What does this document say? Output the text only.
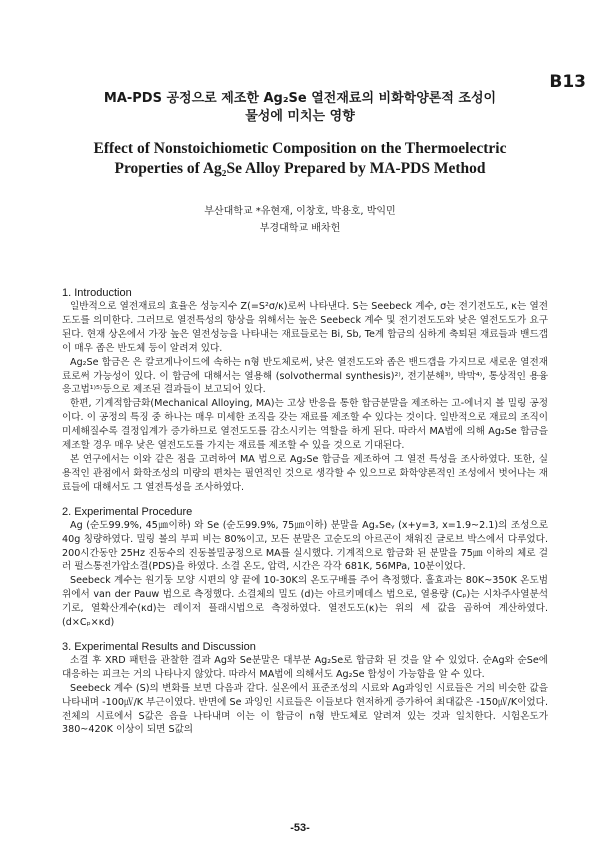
B13
MA-PDS 공정으로 제조한 Ag₂Se 열전재료의 비화학양론적 조성이
물성에 미치는 영향
Effect of Nonstoichiometic Composition on the Thermoelectric
Properties of Ag₂Se Alloy Prepared by MA-PDS Method
부산대학교 *유현재, 이창호, 박용호, 박익민
부경대학교 배차헌
1. Introduction

일반적으로 열전재료의 효율은 성능지수 Z(=S²σ/κ)로써 나타낸다. S는 Seebeck 계수, σ는 전기전도도, κ는 열전도도를 의미한다. 그러므로 열전특성의 향상을 위해서는 높은 Seebeck 계수 및 전기전도도와 낮은 열전도도가 요구된다. 현재 상온에서 가장 높은 열전성능을 나타내는 재료들로는 Bi, Sb, Te계 합금의 심하게 축퇴된 재료들과 밴드갭이 매우 좁은 반도체 등이 알려져 있다.

Ag₂Se 합금은 은 칼코게나이드에 속하는 n형 반도체로써, 낮은 열전도도와 좁은 밴드갭을 가지므로 새로운 열전재료로써 가능성이 있다. 이 합금에 대해서는 열용해 (solvothermal synthesis)²⁾, 전기분해³⁾, 박막⁴⁾, 통상적인 용융응고법¹⁾⁵⁾등으로 제조된 결과들이 보고되어 있다.

한편, 기계적합금화(Mechanical Alloying, MA)는 고상 반응을 통한 합금분말을 제조하는 고-에너지 볼 밀링 공정이다. 이 공정의 특징 중 하나는 매우 미세한 조직을 갖는 재료를 제조할 수 있다는 것이다. 일반적으로 재료의 조직이 미세해질수록 결정입계가 증가하므로 열전도도를 감소시키는 역할을 하게 된다. 따라서 MA법에 의해 Ag₂Se 합금을 제조할 경우 매우 낮은 열전도도를 가지는 재료를 제조할 수 있을 것으로 기대된다.

본 연구에서는 이와 같은 점을 고려하여 MA 법으로 Ag₂Se 합금을 제조하여 그 열전 특성을 조사하였다. 또한, 실용적인 관점에서 화학조성의 미량의 편차는 필연적인 것으로 생각할 수 있으므로 화학양론적인 조성에서 벗어나는 재료들에 대해서도 그 열전특성을 조사하였다.

2. Experimental Procedure

Ag (순도99.9%, 45㎛이하) 와 Se (순도99.9%, 75㎛이하) 분말을 AgₓSeᵧ (x+y=3, x=1.9~2.1)의 조성으로 40g 칭량하였다. 밀링 볼의 부피 비는 80%이고, 모든 분말은 고순도의 아르곤이 채워진 글로브 박스에서 다루었다. 200시간동안 25Hz 진동수의 진동볼밀공정으로 MA를 실시했다. 기계적으로 합금화 된 분말을 75㎛ 이하의 체로 걸러 펄스통전가압소결(PDS)을 하였다. 소결 온도, 압력, 시간은 각각 681K, 56MPa, 10분이었다.

Seebeck 계수는 원기둥 모양 시편의 양 끝에 10-30K의 온도구배를 주어 측정했다. 홀효과는 80K~350K 온도범위에서 van der Pauw 법으로 측정했다. 소결체의 밀도 (d)는 아르키메데스 법으로, 열용량 (Cₚ)는 시차주사열분석기로, 열확산계수(κd)는 레이저 플래시법으로 측정하였다. 열전도도(κ)는 위의 세 값을 곱하여 계산하였다. (d×Cₚ×κd)

3. Experimental Results and Discussion

소결 후 XRD 패턴을 관찰한 결과 Ag와 Se분말은 대부분 Ag₂Se로 합금화 된 것을 알 수 있었다. 순Ag와 순Se에 대응하는 피크는 거의 나타나지 않았다. 따라서 MA법에 의해서도 Ag₂Se 합성이 가능함을 알 수 있다.

Seebeck 계수 (S)의 변화를 보면 다음과 같다. 실온에서 표준조성의 시료와 Ag과잉인 시료들은 거의 비슷한 값을 나타내며 -100㎶/K 부근이였다. 반면에 Se 과잉인 시료들은 이들보다 현저하게 증가하여 최대값은 -150㎶/K이었다. 전체의 시료에서 S값은 음을 나타내며 이는 이 합금이 n형 반도체로 알려져 있는 것과 일치한다. 시험온도가 380~420K 이상이 되면 S값의

-53-
